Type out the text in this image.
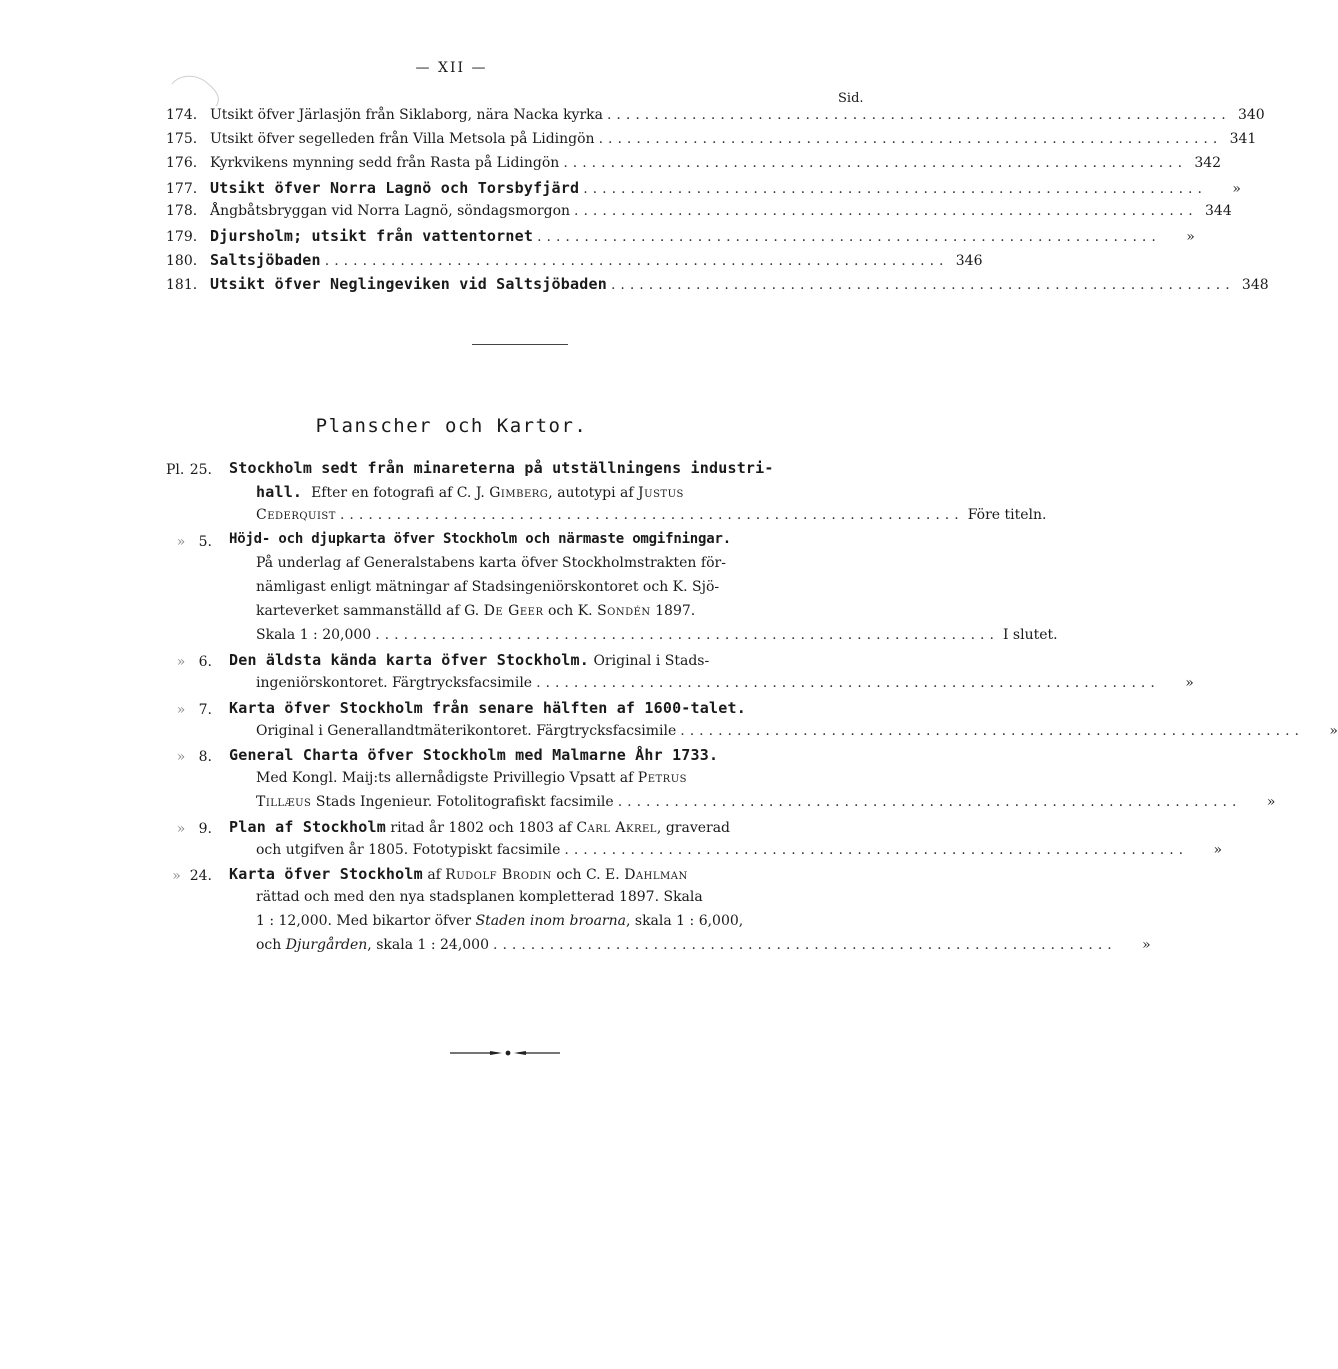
— XII —
Sid.
174. Utsikt öfver Järlasjön från Siklaborg, nära Nacka kyrka .................................................................. 340
175. Utsikt öfver segelleden från Villa Metsola på Lidingön .................................................................. 341
176. Kyrkvikens mynning sedd från Rasta på Lidingön .................................................................. 342
177. Utsikt öfver Norra Lagnö och Torsbyfjärd ..................................................................	»
178. Ångbåtsbryggan vid Norra Lagnö, söndagsmorgon .................................................................. 344
179. Djursholm; utsikt från vattentornet ..................................................................	»
180. Saltsjöbaden .................................................................. 346
181. Utsikt öfver Neglingeviken vid Saltsjöbaden .................................................................. 348
Planscher och Kartor.
Pl. 25. Stockholm sedt från minareterna på utställningens industri-
hall.
Efter en fotografi af C. J.
Gimberg , autotypi af
Justus
Cederquist .................................................................. Före titeln.
» 5. Höjd- och djupkarta öfver Stockholm och närmaste omgifningar.
På underlag af Generalstabens karta öfver Stockholmstrakten för-
nämligast enligt mätningar af Stadsingeniörskontoret och K. Sjö-
karteverket sammanställd af G.
De Geer
och K.
Sondén
1897.
Skala 1 : 20,000 .................................................................. I slutet.
» 6. Den äldsta kända karta öfver Stockholm.
Original i Stads-
ingeniörskontoret. Färgtrycksfacsimile ..................................................................	»
» 7. Karta öfver Stockholm från senare hälften af 1600-talet.
Original i Generallandtmäterikontoret. Färgtrycksfacsimile ..................................................................	»
» 8. General Charta öfver Stockholm med Malmarne Åhr 1733.
Med Kongl. Maij:ts allernådigste Privillegio Vpsatt af
Petrus
Tillæus
Stads Ingenieur. Fotolitografiskt facsimile ..................................................................	»
» 9. Plan af Stockholm
ritad år 1802 och 1803 af
Carl Akrel , graverad
och utgifven år 1805. Fototypiskt facsimile ..................................................................	»
» 24. Karta öfver Stockholm
af
Rudolf Brodin
och C. E.
Dahlman
rättad och med den nya stadsplanen kompletterad 1897. Skala
1 : 12,000. Med bikartor öfver
Staden inom broarna , skala 1 : 6,000,
och
Djurgården , skala 1 : 24,000 ..................................................................	»
